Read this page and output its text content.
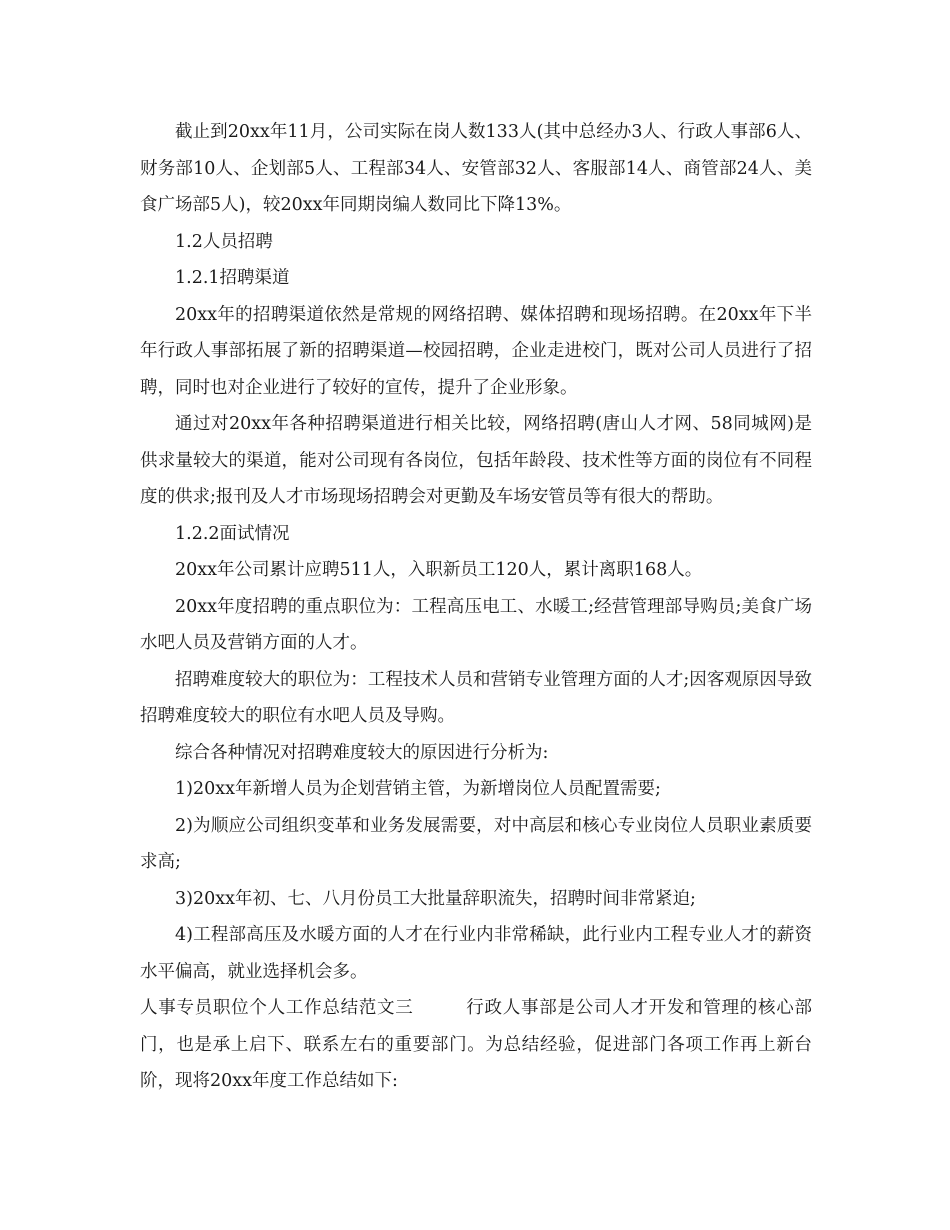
截止到20xx年11月，公司实际在岗人数133人(其中总经办3人、行政人事部6人、财务部10人、企划部5人、工程部34人、安管部32人、客服部14人、商管部24人、美食广场部5人)，较20xx年同期岗编人数同比下降13%。

1.2人员招聘

1.2.1招聘渠道

20xx年的招聘渠道依然是常规的网络招聘、媒体招聘和现场招聘。在20xx年下半年行政人事部拓展了新的招聘渠道—校园招聘，企业走进校门，既对公司人员进行了招聘，同时也对企业进行了较好的宣传，提升了企业形象。

通过对20xx年各种招聘渠道进行相关比较，网络招聘(唐山人才网、58同城网)是供求量较大的渠道，能对公司现有各岗位，包括年龄段、技术性等方面的岗位有不同程度的供求;报刊及人才市场现场招聘会对更勤及车场安管员等有很大的帮助。

1.2.2面试情况

20xx年公司累计应聘511人，入职新员工120人，累计离职168人。

20xx年度招聘的重点职位为：工程高压电工、水暖工;经营管理部导购员;美食广场水吧人员及营销方面的人才。

招聘难度较大的职位为：工程技术人员和营销专业管理方面的人才;因客观原因导致招聘难度较大的职位有水吧人员及导购。

综合各种情况对招聘难度较大的原因进行分析为:

1)20xx年新增人员为企划营销主管，为新增岗位人员配置需要;

2)为顺应公司组织变革和业务发展需要，对中高层和核心专业岗位人员职业素质要求高;

3)20xx年初、七、八月份员工大批量辞职流失，招聘时间非常紧迫;

4)工程部高压及水暖方面的人才在行业内非常稀缺，此行业内工程专业人才的薪资水平偏高，就业选择机会多。

人事专员职位个人工作总结范文三	行政人事部是公司人才开发和管理的核心部门，也是承上启下、联系左右的重要部门。为总结经验，促进部门各项工作再上新台阶，现将20xx年度工作总结如下:
